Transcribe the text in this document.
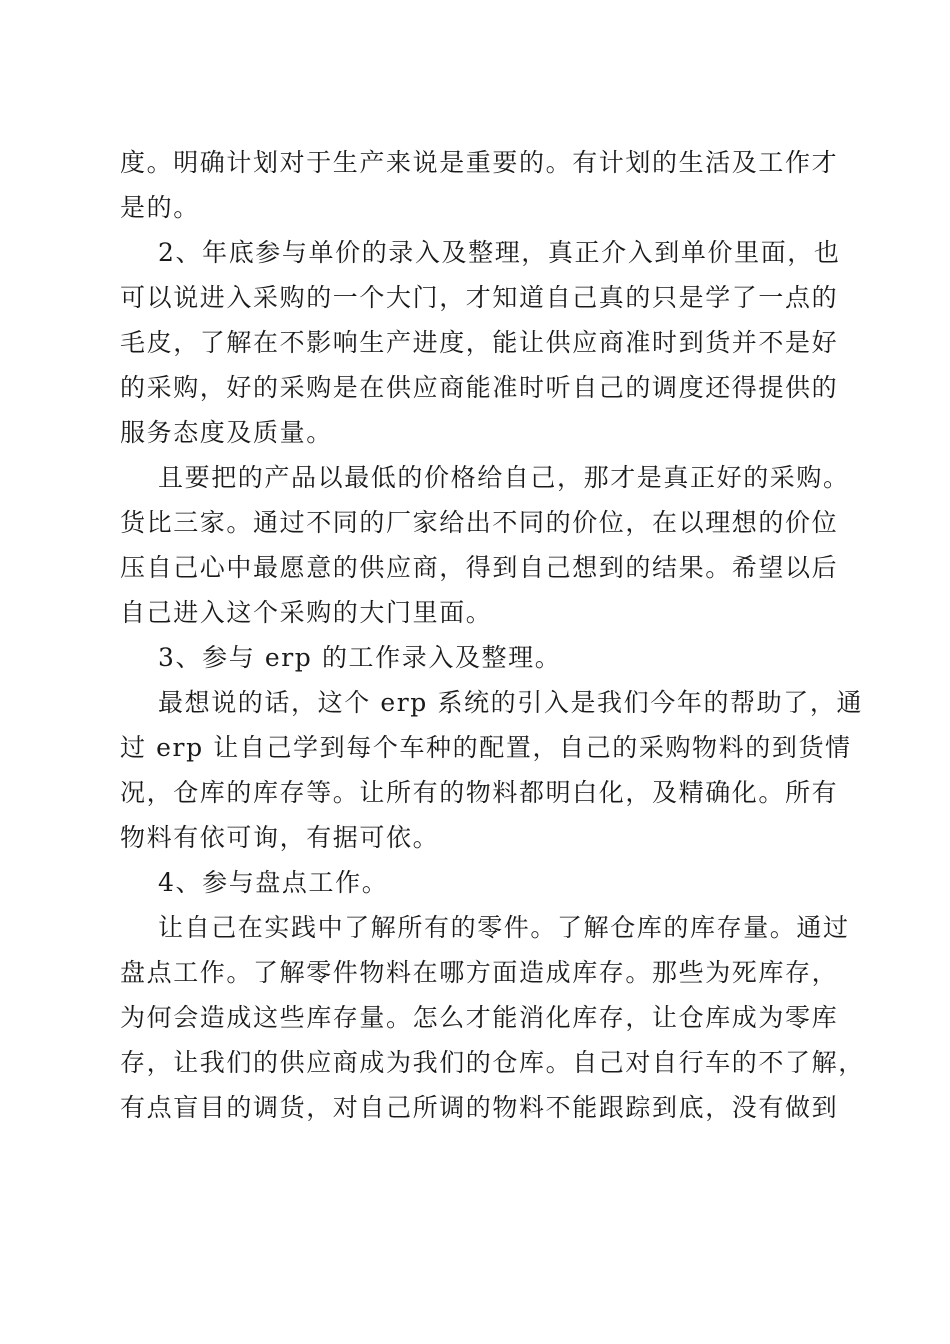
度。明确计划对于生产来说是重要的。有计划的生活及工作才
是的。
2、年底参与单价的录入及整理，真正介入到单价里面，也
可以说进入采购的一个大门，才知道自己真的只是学了一点的
毛皮，了解在不影响生产进度，能让供应商准时到货并不是好
的采购，好的采购是在供应商能准时听自己的调度还得提供的
服务态度及质量。
且要把的产品以最低的价格给自己，那才是真正好的采购。
货比三家。通过不同的厂家给出不同的价位，在以理想的价位
压自己心中最愿意的供应商，得到自己想到的结果。希望以后
自己进入这个采购的大门里面。
3、参与 erp 的工作录入及整理。
最想说的话，这个 erp 系统的引入是我们今年的帮助了，通
过 erp 让自己学到每个车种的配置，自己的采购物料的到货情
况，仓库的库存等。让所有的物料都明白化，及精确化。所有
物料有依可询，有据可依。
4、参与盘点工作。
让自己在实践中了解所有的零件。了解仓库的库存量。通过
盘点工作。了解零件物料在哪方面造成库存。那些为死库存，
为何会造成这些库存量。怎么才能消化库存，让仓库成为零库
存，让我们的供应商成为我们的仓库。自己对自行车的不了解，
有点盲目的调货，对自己所调的物料不能跟踪到底，没有做到
